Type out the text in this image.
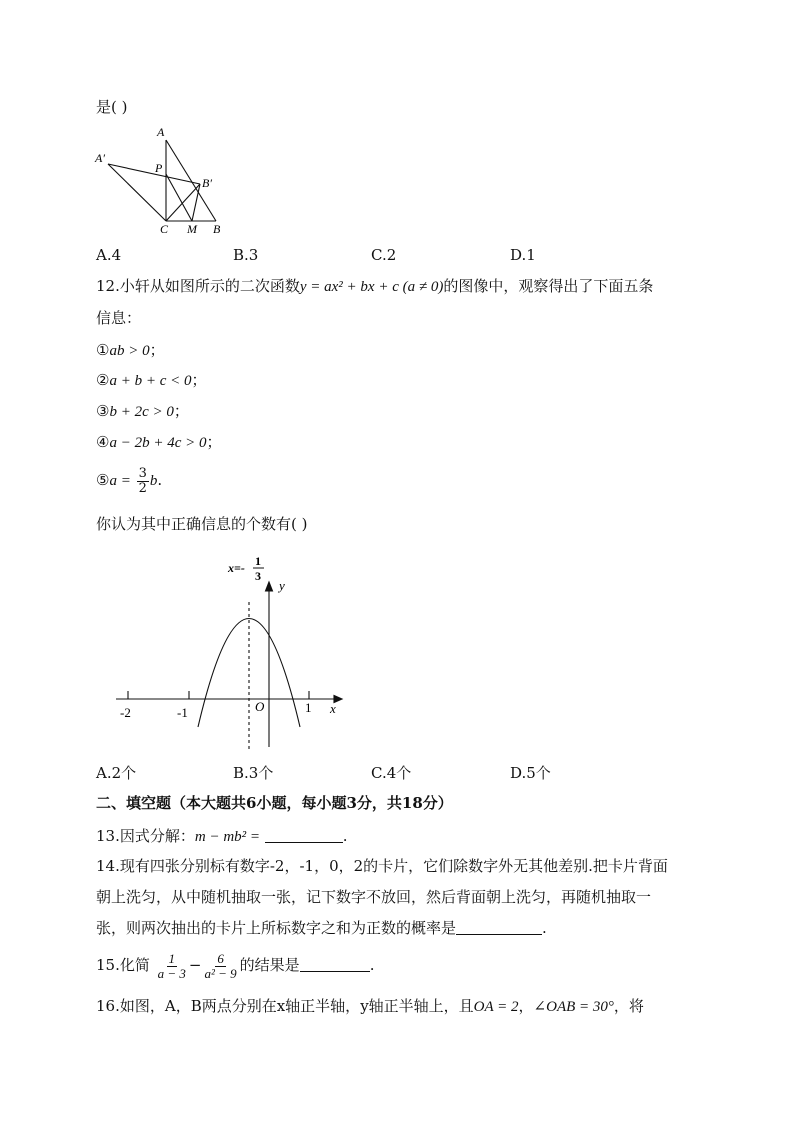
是( )
A
A′
P
B′
C M B
A.4	B.3	C.2	D.1
12.小轩从如图所示的二次函数y = ax² + bx + c (a ≠ 0)的图像中，观察得出了下面五条
信息：
①ab > 0；
②a + b + c < 0；
③b + 2c > 0；
④a − 2b + 4c > 0；
⑤a = $\frac{3}{2} b$.
你认为其中正确信息的个数有( )
x=- 1
3
y
x
O
-2	-1	1
A.2个	B.3个	C.4个	D.5个
二、填空题（本大题共6小题，每小题3分，共18分）
13.因式分解：m − mb² =	.
14.现有四张分别标有数字-2，-1，0，2的卡片，它们除数字外无其他差别.把卡片背面
朝上洗匀，从中随机抽取一张，记下数字不放回，然后背面朝上洗匀，再随机抽取一
张，则两次抽出的卡片上所标数字之和为正数的概率是	.
15.化简 $\frac{1}{a - 3} - \frac{6}{\text{a² − 9}}$ 的结果是	.
16.如图，A，B两点分别在x轴正半轴，y轴正半轴上，且OA = 2，∠OAB = 30°，将
